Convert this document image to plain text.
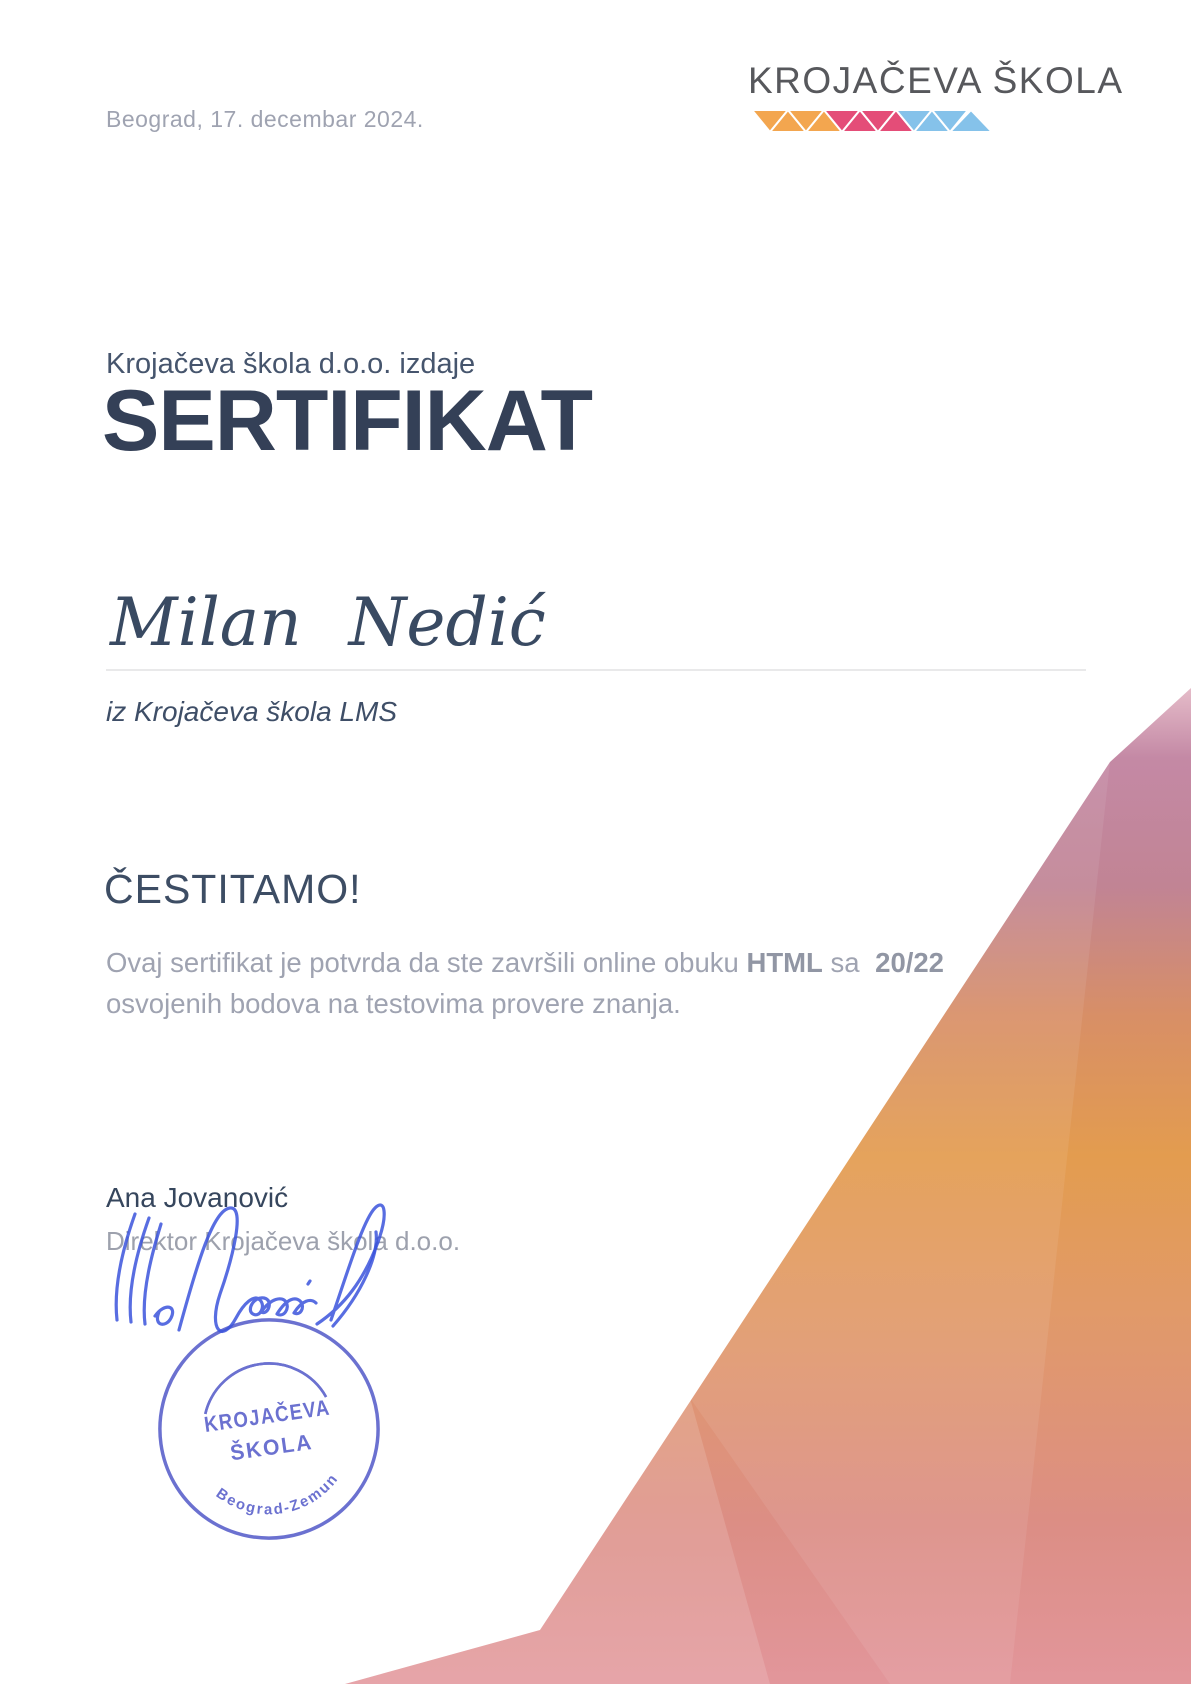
Beograd, 17. decembar 2024.
KROJAČEVA ŠKOLA
Krojačeva škola d.o.o. izdaje
SERTIFIKAT
Milan Nedić
iz Krojačeva škola LMS
ČESTITAMO!
Ovaj sertifikat je potvrda da ste završili online obuku HTML sa 20/22
osvojenih bodova na testovima provere znanja.
Ana Jovanović
Direktor Krojačeva škola d.o.o.
KROJAČEVA
ŠKOLA
Beograd-Zemun
